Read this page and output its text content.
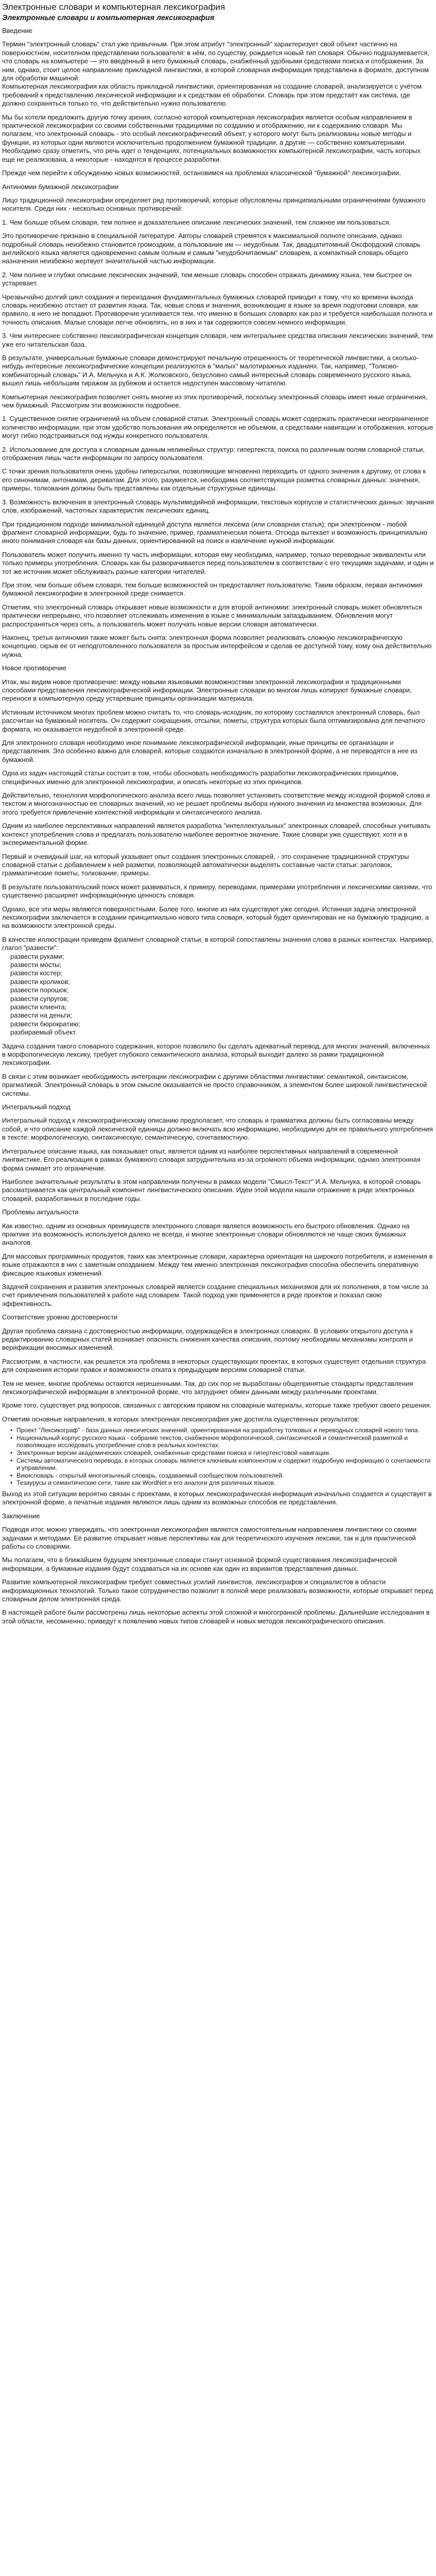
Электронные словари и компьютерная лексикография
Электронные словари и компьютерная лексикография

Введение

Термин "электронный словарь" стал уже привычным. При этом атрибут "электронный" характеризует свой объект частично на поверхностном, носителном представлении пользователя: в нём, по существу, рождается новый тип словаря. Обычно подразумевается, что словарь на компьютере — это введённый в него бумажный словарь, снабжённый удобными средствами поиска и отображения. За ним, однако, стоит целое направление прикладной лингвистики, в которой словарная информация представлена в формате, доступном для обработки машиной.

Компьютерная лексикография как область прикладной лингвистики, ориентированная на создание словарей, анализируется с учётом требований к представлению лексической информации и к средствам её обработки. Словарь при этом предстаёт как система, где должно сохраняться только то, что действительно нужно пользователю.

Мы бы хотели предложить другую точку зрения, согласно которой компьютерная лексикография является особым направлением в практической лексикографии со своими собственными традициями по созданию и отображению, ни к содержанию словаря. Мы полагаем, что электронный словарь - это особый лексикографический объект, у которого могут быть реализованы новые методы и функции, из которых одни являются исключительно продолжением бумажной традиции, а другие — собственно компьютерными.

Необходимо сразу отметить, что речь идет о тенденциях, потенциальных возможностях компьютерной лексикографии, часть которых еще не реализована, а некоторые - находятся в процессе разработки.

Прежде чем перейти к обсуждению новых возможностей, остановимся на проблемах классической "бумажной" лексикографии.

Антиномии бумажной лексикографии

Лицо традиционной лексикографии определяет ряд противоречий, которые обусловлены принципиальными ограничениями бумажного носителя. Среди них - несколько основных противоречий:

1. Чем больше объем словаря, тем полнее и доказательнее описание лексических значений, тем сложнее им пользоваться.

Это противоречие признано в специальной литературе. Авторы словарей стремятся к максимальной полноте описания, однако подробный словарь неизбежно становится громоздким, а пользование им — неудобным. Так, двадцатитомный Оксфордский словарь английского языка является одновременно самым полным и самым "неудобочитаемым" словарем, а компактный словарь общего назначения неизбежно жертвует значительной частью информации.

2. Чем полнее и глубже описание лексических значений, тем меньше словарь способен отражать динамику языка, тем быстрее он устаревает.

Чрезвычайно долгий цикл создания и переиздания фундаментальных бумажных словарей приводит к тому, что ко времени выхода словарь неизбежно отстает от развития языка. Так, новые слова и значения, возникающие в языке за время подготовки словаря, как правило, в него не попадают. Противоречие усиливается тем, что именно в больших словарях как раз и требуется наибольшая полнота и точность описания. Малые словари легче обновлять, но в них и так содержится совсем немного информации.

3. Чем интереснее собственно лексикографическая концепция словаря, чем интегральнее средства описания лексических значений, тем уже его читательская база.

В результате, универсальные бумажные словари демонстрируют печальную отрешенность от теоретической лингвистики, а сколько-нибудь интересные лексикографические концепции реализуются в "малых" малотиражных изданиях. Так, например, "Толково-комбинаторный словарь" И.А. Мельчука и А.К. Жолковского, безусловно самый интересный словарь современного русского языка, вышел лишь небольшим тиражом за рубежом и остается недоступен массовому читателю.

Компьютерная лексикография позволяет снять многие из этих противоречий, поскольку электронный словарь имеет иные ограничения, чем бумажный. Рассмотрим эти возможности подробнее.

1. Существенное снятие ограничений на объем словарной статьи. Электронный словарь может содержать практически неограниченное количество информации, при этом удобство пользования им определяется не объемом, а средствами навигации и отображения, которые могут гибко подстраиваться под нужды конкретного пользователя.

2. Использование для доступа к словарным данным нелинейных структур: гипертекста, поиска по различным полям словарной статьи, отображения лишь части информации по запросу пользователя.

С точки зрения пользователя очень удобны гиперссылки, позволяющие мгновенно переходить от одного значения к другому, от слова к его синонимам, антонимам, дериватам. Для этого, разумеется, необходима соответствующая разметка словарных данных: значения, примеры, толкования должны быть представлены как отдельные структурные единицы.

3. Возможность включения в электронный словарь мультимедийной информации, текстовых корпусов и статистических данных: звучания слов, изображений, частотных характеристик лексических единиц.

При традиционном подходе минимальной единицей доступа является лексема (или словарная статья); при электронном - любой фрагмент словарной информации, будь то значение, пример, грамматическая помета. Отсюда вытекает и возможность принципиально иного понимания словаря как базы данных, ориентированной на поиск и извлечение нужной информации.

Пользователь может получить именно ту часть информации, которая ему необходима, например, только переводные эквиваленты или только примеры употребления. Словарь как бы разворачивается перед пользователем в соответствии с его текущими задачами, и один и тот же источник может обслуживать разные категории читателей.

При этом, чем больше объем словаря, тем больше возможностей он предоставляет пользователю. Таким образом, первая антиномия бумажной лексикографии в электронной среде снимается.

Отметим, что электронный словарь открывает новые возможности и для второй антиномии: электронный словарь может обновляться практически непрерывно, что позволяет отслеживать изменения в языке с минимальным запаздыванием. Обновления могут распространяться через сеть, а пользователь может получать новые версии словаря автоматически.

Наконец, третья антиномия также может быть снята: электронная форма позволяет реализовать сложную лексикографическую концепцию, скрыв ее от неподготовленного пользователя за простым интерфейсом и сделав ее доступной тому, кому она действительно нужна.

Новое противоречие

Итак, мы видим новое противоречие: между новыми языковыми возможностями электронной лексикографии и традиционными способами представления лексикографической информации. Электронные словари во многом лишь копируют бумажные словари, перенося в компьютерную среду устаревшие принципы организации материала.

Истинным источником многих проблем можно считать то, что словарь-исходник, по которому составлялся электронный словарь, был рассчитан на бумажный носитель. Он содержит сокращения, отсылки, пометы, структура которых была оптимизирована для печатного формата, но оказывается неудобной в электронной среде.

Для электронного словаря необходимо иное понимание лексикографической информации, иные принципы ее организации и представления. Это особенно важно для словарей, которые создаются изначально в электронной форме, а не переводятся в нее из бумажной.

Одна из задач настоящей статьи состоит в том, чтобы обосновать необходимость разработки лексикографических принципов, специфичных именно для электронной лексикографии, и описать некоторые из этих принципов.

Действительно, технология морфологического анализа всего лишь позволяет установить соответствие между исходной формой слова и текстом и многозначностью ее словарных значений, но не решает проблемы выбора нужного значения из множества возможных. Для этого требуется привлечение контекстной информации и синтаксического анализа.

Одним из наиболее перспективных направлений является разработка "интеллектуальных" электронных словарей, способных учитывать контекст употребления слова и предлагать пользователю наиболее вероятное значение. Такие словари уже существуют, хотя и в экспериментальной форме.

Первый и очевидный шаг, на который указывает опыт создания электронных словарей, - это сохранение традиционной структуры словарной статьи с добавлением к ней разметки, позволяющей автоматически выделять составные части статьи: заголовок, грамматические пометы, толкование, примеры.

В результате пользовательский поиск может развиваться, к примеру, переводами, примерами употребления и лексическими связями, что существенно расширяет информационную ценность словаря.

Однако, все эти меры являются поверхностными. Более того, многие из них существуют уже сегодня. Истинная задача электронной лексикографии заключается в создании принципиально нового типа словаря, который будет ориентирован не на бумажную традицию, а на возможности электронной среды.

В качестве иллюстрации приведем фрагмент словарной статьи, в которой сопоставлены значения слова в разных контекстах. Например, глагол "развести":

развести руками;

развести мосты;

развести костер;

развести кроликов;

развести порошок;

развести супругов;

развести клиента;

развести на деньги;

развести бюрократию;

разбираемый объект.

Задача создания такого словарного содержания, которое позволило бы сделать адекватный перевод, для многих значений, включенных в морфологическую лексику, требует глубокого семантического анализа, который выходит далеко за рамки традиционной лексикографии.

В связи с этим возникает необходимость интеграции лексикографии с другими областями лингвистики: семантикой, синтаксисом, прагматикой. Электронный словарь в этом смысле оказывается не просто справочником, а элементом более широкой лингвистической системы.

Интегральный подход

Интегральный подход к лексикографическому описанию предполагает, что словарь и грамматика должны быть согласованы между собой, и что описание каждой лексической единицы должно включать всю информацию, необходимую для ее правильного употребления в тексте: морфологическую, синтаксическую, семантическую, сочетаемостную.

Интегральное описание языка, как показывает опыт, является одним из наиболее перспективных направлений в современной лингвистике. Его реализация в рамках бумажного словаря затруднительна из-за огромного объема информации, однако электронная форма снимает это ограничение.

Наиболее значительные результаты в этом направлении получены в рамках модели "Смысл-Текст" И.А. Мельчука, в которой словарь рассматривается как центральный компонент лингвистического описания. Идеи этой модели нашли отражение в ряде электронных словарей, разработанных в последние годы.

Проблемы актуальности

Как известно, одним из основных преимуществ электронного словаря является возможность его быстрого обновления. Однако на практике эта возможность используется далеко не всегда, и многие электронные словари обновляются не чаще своих бумажных аналогов.

Для массовых программных продуктов, таких как электронные словари, характерна ориентация на широкого потребителя, и изменения в языке отражаются в них с заметным опозданием. Между тем именно электронная лексикография способна обеспечить оперативную фиксацию языковых изменений.

Задачей сохранения и развития электронных словарей является создание специальных механизмов для их пополнения, в том числе за счет привлечения пользователей к работе над словарем. Такой подход уже применяется в ряде проектов и показал свою эффективность.

Соответствие уровню достоверности

Другая проблема связана с достоверностью информации, содержащейся в электронных словарях. В условиях открытого доступа к редактированию словарных статей возникает опасность снижения качества описания, поэтому необходимы механизмы контроля и верификации вносимых изменений.

Рассмотрим, в частности, как решается эта проблема в некоторых существующих проектах, в которых существует отдельная структура для сохранения истории правок и возможности отката к предыдущим версиям словарной статьи.

Тем не менее, многие проблемы остаются нерешенными. Так, до сих пор не выработаны общепринятые стандарты представления лексикографической информации в электронной форме, что затрудняет обмен данными между различными проектами.

Кроме того, существует ряд вопросов, связанных с авторским правом на словарные материалы, которые также требуют своего решения.

Отметим основные направления, в которых электронная лексикография уже достигла существенных результатов:

• Проект "Лексикограф" - база данных лексических значений, ориентированная на разработку толковых и переводных словарей нового типа.
• Национальный корпус русского языка - собрание текстов, снабженное морфологической, синтаксической и семантической разметкой и позволяющее исследовать употребление слов в реальных контекстах.
• Электронные версии академических словарей, снабженные средствами поиска и гипертекстовой навигации.
• Системы автоматического перевода, в которых словарь является ключевым компонентом и содержит подробную информацию о сочетаемости и управлении.
• Викисловарь - открытый многоязычный словарь, создаваемый сообществом пользователей.
• Тезаурусы и семантические сети, такие как WordNet и его аналоги для различных языков.

Выход из этой ситуации вероятно связан с проектами, в которых лексикографическая информация изначально создается и существует в электронной форме, а печатные издания являются лишь одним из возможных способов ее представления.

Заключение

Подводя итог, можно утверждать, что электронная лексикография является самостоятельным направлением лингвистики со своими задачами и методами. Её развитие открывает новые перспективы как для теоретического изучения лексики, так и для практической работы со словарями.

Мы полагаем, что в ближайшем будущем электронные словари станут основной формой существования лексикографической информации, а бумажные издания будут создаваться на их основе как один из вариантов представления данных.

Развитие компьютерной лексикографии требует совместных усилий лингвистов, лексикографов и специалистов в области информационных технологий. Только такое сотрудничество позволит в полной мере реализовать возможности, которые открывает перед словарным делом электронная среда.

В настоящей работе были рассмотрены лишь некоторые аспекты этой сложной и многогранной проблемы. Дальнейшие исследования в этой области, несомненно, приведут к появлению новых типов словарей и новых методов лексикографического описания.
